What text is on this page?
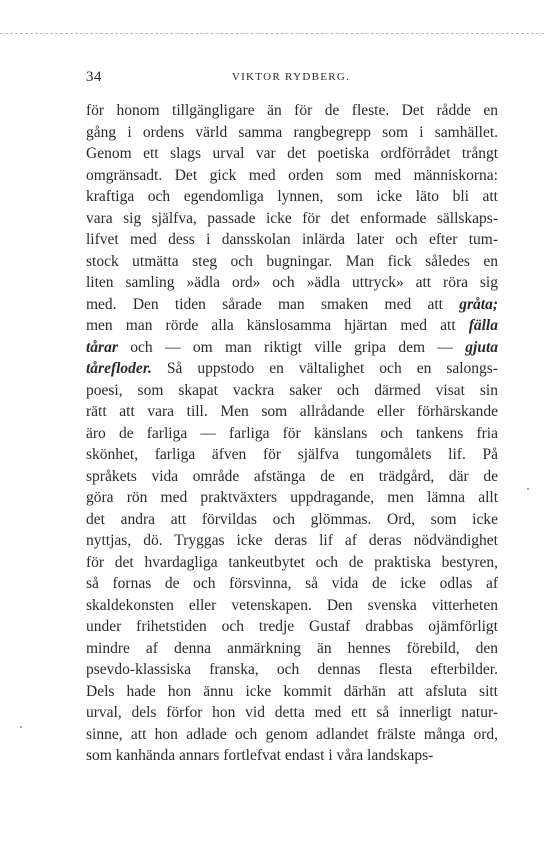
34	VIKTOR RYDBERG.
för honom tillgängligare än för de fleste. Det rådde en
gång i ordens värld samma rangbegrepp som i samhället.
Genom ett slags urval var det poetiska ordförrådet trångt
omgränsadt. Det gick med orden som med människorna:
kraftiga och egendomliga lynnen, som icke läto bli att
vara sig själfva, passade icke för det enformade sällskaps-
lifvet med dess i dansskolan inlärda later och efter tum-
stock utmätta steg och bugningar. Man fick således en
liten samling »ädla ord» och »ädla uttryck» att röra sig
med. Den tiden sårade man smaken med att gråta;
men man rörde alla känslosamma hjärtan med att fälla
tårar och — om man riktigt ville gripa dem — gjuta
tårefloder. Så uppstodo en vältalighet och en salongs-
poesi, som skapat vackra saker och därmed visat sin
rätt att vara till. Men som allrådande eller förhärskande
äro de farliga — farliga för känslans och tankens fria
skönhet, farliga äfven för själfva tungomålets lif. På
språkets vida område afstänga de en trädgård, där de
göra rön med praktväxters uppdragande, men lämna allt
det andra att förvildas och glömmas. Ord, som icke
nyttjas, dö. Tryggas icke deras lif af deras nödvändighet
för det hvardagliga tankeutbytet och de praktiska bestyren,
så fornas de och försvinna, så vida de icke odlas af
skaldekonsten eller vetenskapen. Den svenska vitterheten
under frihetstiden och tredje Gustaf drabbas ojämförligt
mindre af denna anmärkning än hennes förebild, den
psevdo-klassiska franska, och dennas flesta efterbilder.
Dels hade hon ännu icke kommit därhän att afsluta sitt
urval, dels förfor hon vid detta med ett så innerligt natur-
sinne, att hon adlade och genom adlandet frälste många ord,
som kanhända annars fortlefvat endast i våra landskaps-
